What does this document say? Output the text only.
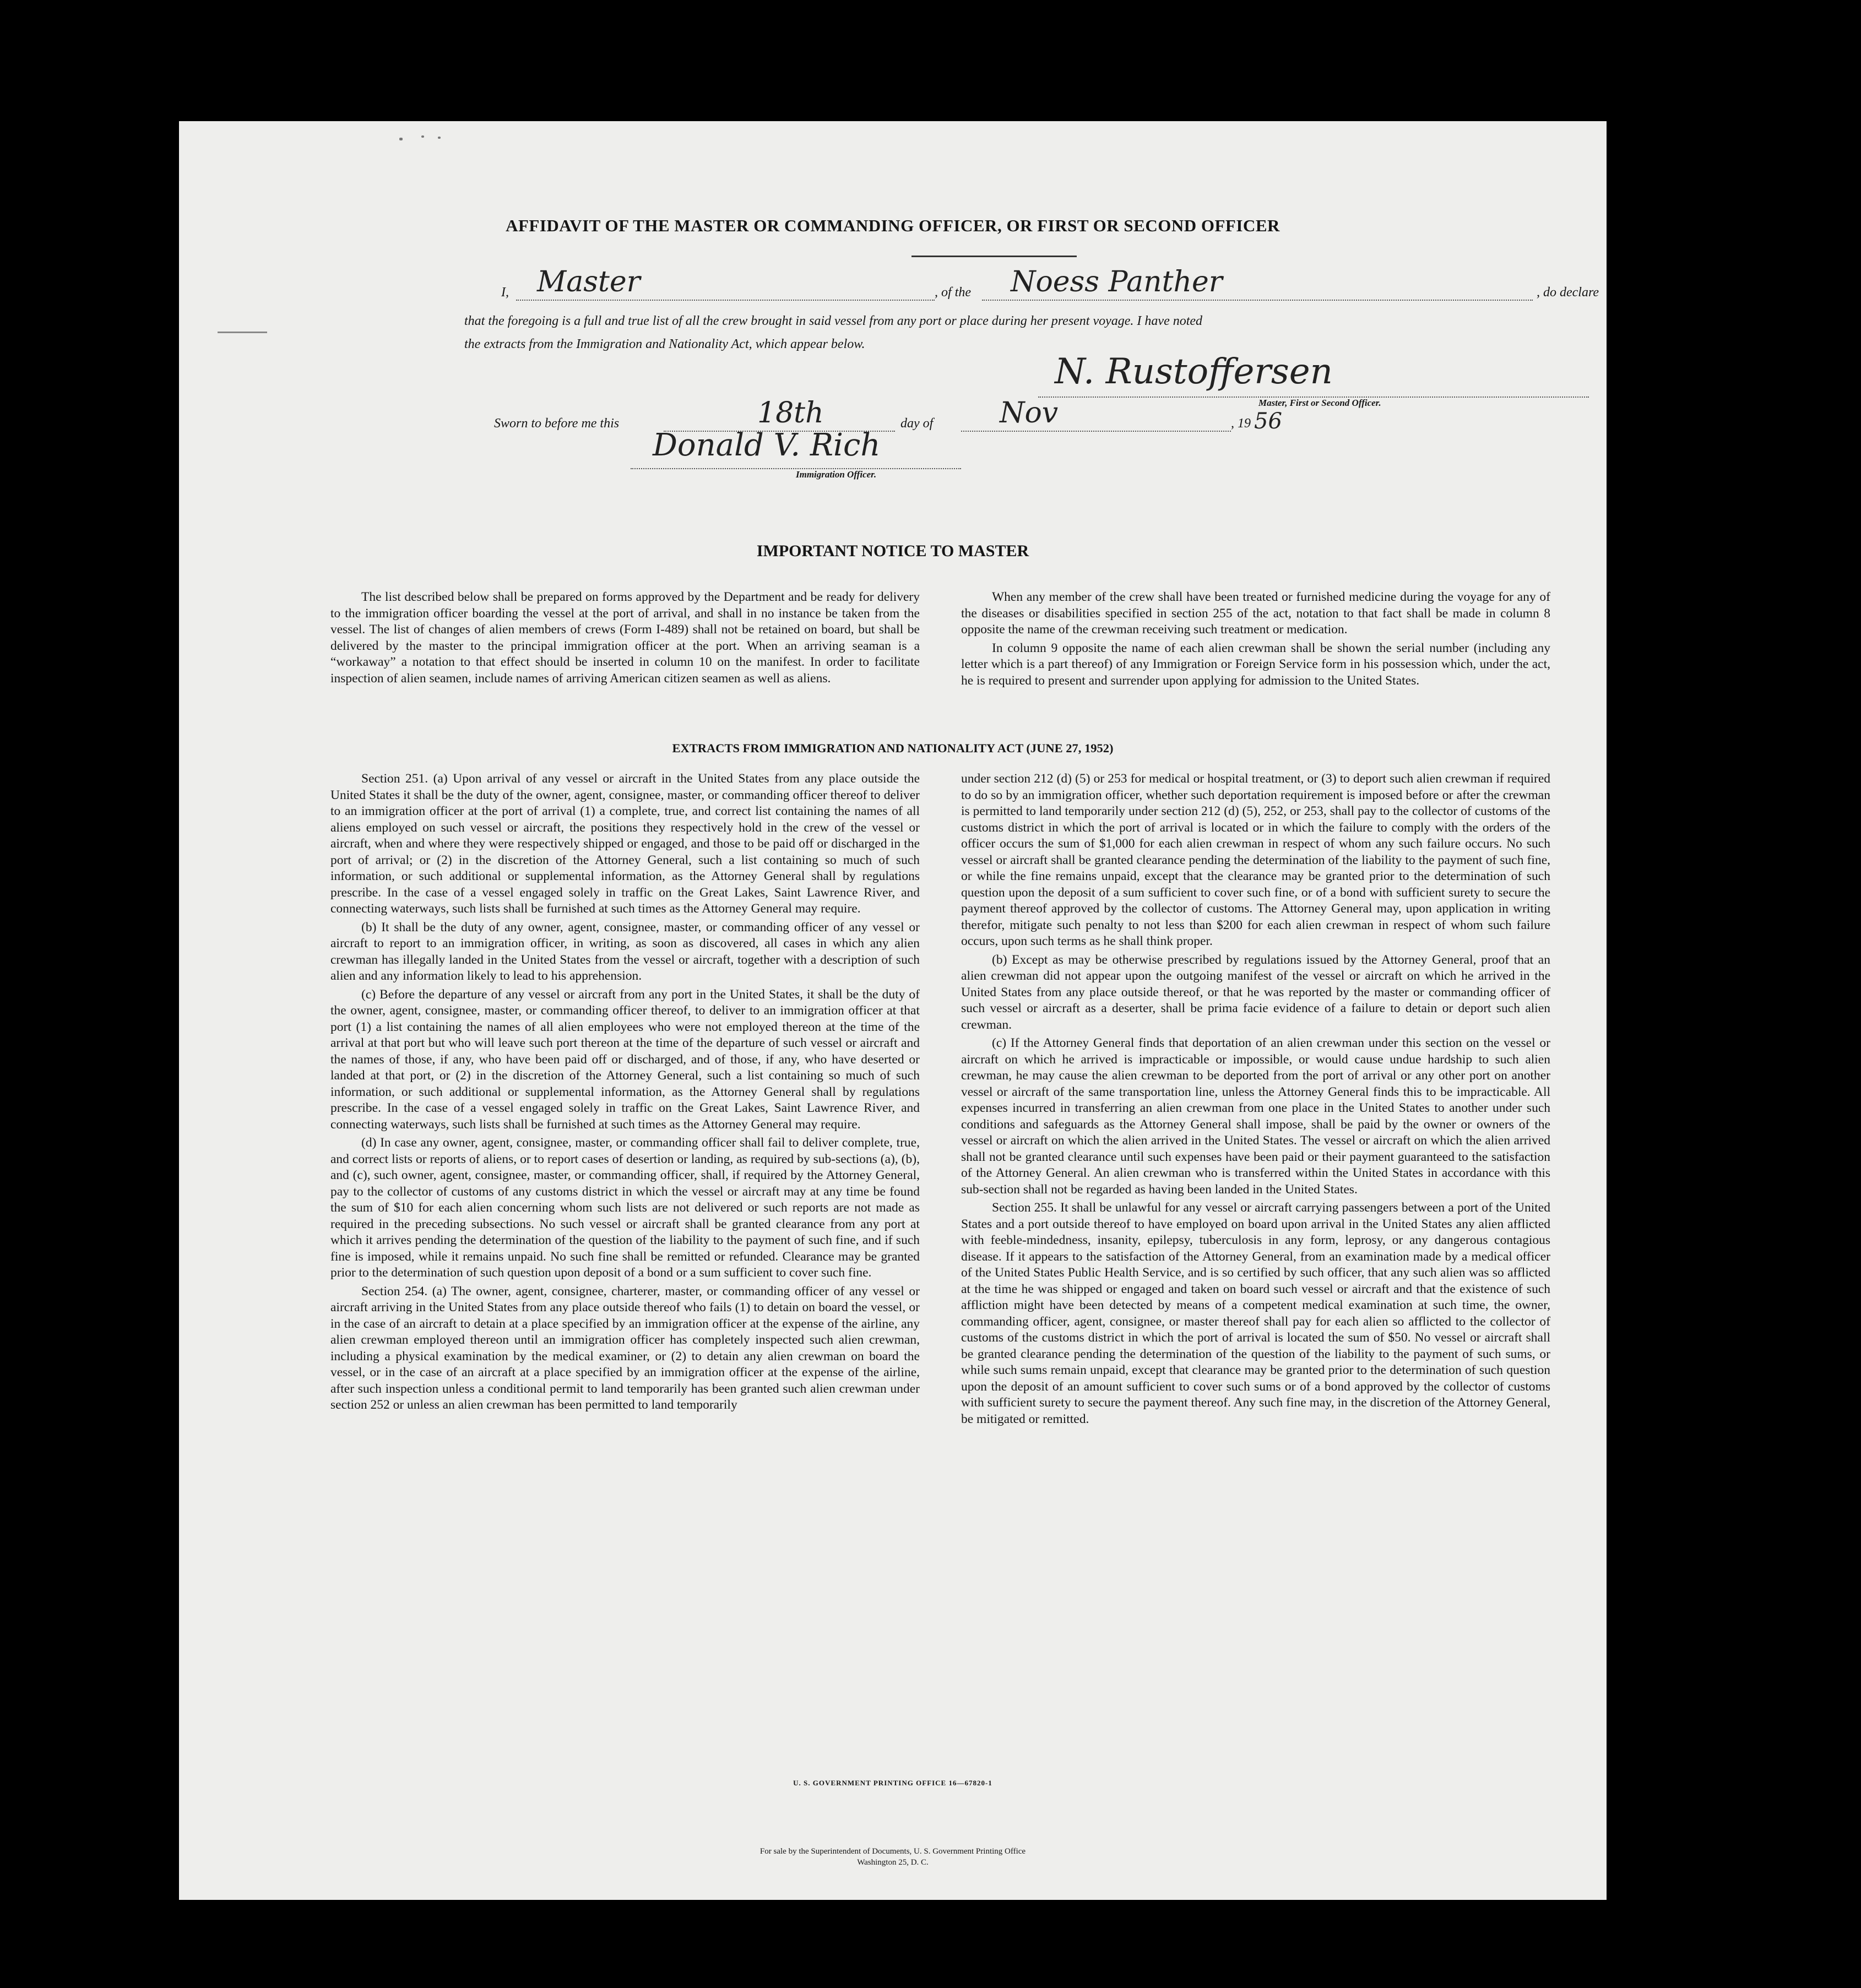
AFFIDAVIT OF THE MASTER OR COMMANDING OFFICER, OR FIRST OR SECOND OFFICER
I, Master	, of the Noess Panther	, do declare
that the foregoing is a full and true list of all the crew brought in said vessel from any port or place during her present voyage. I have noted
the extracts from the Immigration and Nationality Act, which appear below.
N. Rustoffersen
Master, First or Second Officer.
Sworn to before me this	18th	day of Nov	, 19 56
Donald V. Rich
Immigration Officer.
IMPORTANT NOTICE TO MASTER

The list described below shall be prepared on forms approved by the Department and be ready for delivery to the immigration officer boarding the vessel at the port of arrival, and shall in no instance be taken from the vessel. The list of changes of alien members of crews (Form I-489) shall not be retained on board, but shall be delivered by the master to the principal immigration officer at the port. When an arriving seaman is a “workaway” a notation to that effect should be inserted in column 10 on the manifest. In order to facilitate inspection of alien seamen, include names of arriving American citizen seamen as well as aliens.

When any member of the crew shall have been treated or furnished medicine during the voyage for any of the diseases or disabilities specified in section 255 of the act, notation to that fact shall be made in column 8 opposite the name of the crewman receiving such treatment or medication.

In column 9 opposite the name of each alien crewman shall be shown the serial number (including any letter which is a part thereof) of any Immigration or Foreign Service form in his possession which, under the act, he is required to present and surrender upon applying for admission to the United States.

EXTRACTS FROM IMMIGRATION AND NATIONALITY ACT (JUNE 27, 1952)

Section 251. (a) Upon arrival of any vessel or aircraft in the United States from any place outside the United States it shall be the duty of the owner, agent, consignee, master, or commanding officer thereof to deliver to an immigration officer at the port of arrival (1) a complete, true, and correct list containing the names of all aliens employed on such vessel or aircraft, the positions they respectively hold in the crew of the vessel or aircraft, when and where they were respectively shipped or engaged, and those to be paid off or discharged in the port of arrival; or (2) in the discretion of the Attorney General, such a list containing so much of such information, or such additional or supplemental information, as the Attorney General shall by regulations prescribe. In the case of a vessel engaged solely in traffic on the Great Lakes, Saint Lawrence River, and connecting waterways, such lists shall be furnished at such times as the Attorney General may require.

(b) It shall be the duty of any owner, agent, consignee, master, or commanding officer of any vessel or aircraft to report to an immigration officer, in writing, as soon as discovered, all cases in which any alien crewman has illegally landed in the United States from the vessel or aircraft, together with a description of such alien and any information likely to lead to his apprehension.

(c) Before the departure of any vessel or aircraft from any port in the United States, it shall be the duty of the owner, agent, consignee, master, or commanding officer thereof, to deliver to an immigration officer at that port (1) a list containing the names of all alien employees who were not employed thereon at the time of the arrival at that port but who will leave such port thereon at the time of the departure of such vessel or aircraft and the names of those, if any, who have been paid off or discharged, and of those, if any, who have deserted or landed at that port, or (2) in the discretion of the Attorney General, such a list containing so much of such information, or such additional or supplemental information, as the Attorney General shall by regulations prescribe. In the case of a vessel engaged solely in traffic on the Great Lakes, Saint Lawrence River, and connecting waterways, such lists shall be furnished at such times as the Attorney General may require.

(d) In case any owner, agent, consignee, master, or commanding officer shall fail to deliver complete, true, and correct lists or reports of aliens, or to report cases of desertion or landing, as required by sub-sections (a), (b), and (c), such owner, agent, consignee, master, or commanding officer, shall, if required by the Attorney General, pay to the collector of customs of any customs district in which the vessel or aircraft may at any time be found the sum of $10 for each alien concerning whom such lists are not delivered or such reports are not made as required in the preceding subsections. No such vessel or aircraft shall be granted clearance from any port at which it arrives pending the determination of the question of the liability to the payment of such fine, and if such fine is imposed, while it remains unpaid. No such fine shall be remitted or refunded. Clearance may be granted prior to the determination of such question upon deposit of a bond or a sum sufficient to cover such fine.

Section 254. (a) The owner, agent, consignee, charterer, master, or commanding officer of any vessel or aircraft arriving in the United States from any place outside thereof who fails (1) to detain on board the vessel, or in the case of an aircraft to detain at a place specified by an immigration officer at the expense of the airline, any alien crewman employed thereon until an immigration officer has completely inspected such alien crewman, including a physical examination by the medical examiner, or (2) to detain any alien crewman on board the vessel, or in the case of an aircraft at a place specified by an immigration officer at the expense of the airline, after such inspection unless a conditional permit to land temporarily has been granted such alien crewman under section 252 or unless an alien crewman has been permitted to land temporarily

under section 212 (d) (5) or 253 for medical or hospital treatment, or (3) to deport such alien crewman if required to do so by an immigration officer, whether such deportation requirement is imposed before or after the crewman is permitted to land temporarily under section 212 (d) (5), 252, or 253, shall pay to the collector of customs of the customs district in which the port of arrival is located or in which the failure to comply with the orders of the officer occurs the sum of $1,000 for each alien crewman in respect of whom any such failure occurs. No such vessel or aircraft shall be granted clearance pending the determination of the liability to the payment of such fine, or while the fine remains unpaid, except that the clearance may be granted prior to the determination of such question upon the deposit of a sum sufficient to cover such fine, or of a bond with sufficient surety to secure the payment thereof approved by the collector of customs. The Attorney General may, upon application in writing therefor, mitigate such penalty to not less than $200 for each alien crewman in respect of whom such failure occurs, upon such terms as he shall think proper.

(b) Except as may be otherwise prescribed by regulations issued by the Attorney General, proof that an alien crewman did not appear upon the outgoing manifest of the vessel or aircraft on which he arrived in the United States from any place outside thereof, or that he was reported by the master or commanding officer of such vessel or aircraft as a deserter, shall be prima facie evidence of a failure to detain or deport such alien crewman.

(c) If the Attorney General finds that deportation of an alien crewman under this section on the vessel or aircraft on which he arrived is impracticable or impossible, or would cause undue hardship to such alien crewman, he may cause the alien crewman to be deported from the port of arrival or any other port on another vessel or aircraft of the same transportation line, unless the Attorney General finds this to be impracticable. All expenses incurred in transferring an alien crewman from one place in the United States to another under such conditions and safeguards as the Attorney General shall impose, shall be paid by the owner or owners of the vessel or aircraft on which the alien arrived in the United States. The vessel or aircraft on which the alien arrived shall not be granted clearance until such expenses have been paid or their payment guaranteed to the satisfaction of the Attorney General. An alien crewman who is transferred within the United States in accordance with this sub-section shall not be regarded as having been landed in the United States.

Section 255. It shall be unlawful for any vessel or aircraft carrying passengers between a port of the United States and a port outside thereof to have employed on board upon arrival in the United States any alien afflicted with feeble-mindedness, insanity, epilepsy, tuberculosis in any form, leprosy, or any dangerous contagious disease. If it appears to the satisfaction of the Attorney General, from an examination made by a medical officer of the United States Public Health Service, and is so certified by such officer, that any such alien was so afflicted at the time he was shipped or engaged and taken on board such vessel or aircraft and that the existence of such affliction might have been detected by means of a competent medical examination at such time, the owner, commanding officer, agent, consignee, or master thereof shall pay for each alien so afflicted to the collector of customs of the customs district in which the port of arrival is located the sum of $50. No vessel or aircraft shall be granted clearance pending the determination of the question of the liability to the payment of such sums, or while such sums remain unpaid, except that clearance may be granted prior to the determination of such question upon the deposit of an amount sufficient to cover such sums or of a bond approved by the collector of customs with sufficient surety to secure the payment thereof. Any such fine may, in the discretion of the Attorney General, be mitigated or remitted.

U. S. GOVERNMENT PRINTING OFFICE 16—67820-1
For sale by the Superintendent of Documents, U. S. Government Printing Office
Washington 25, D. C.
